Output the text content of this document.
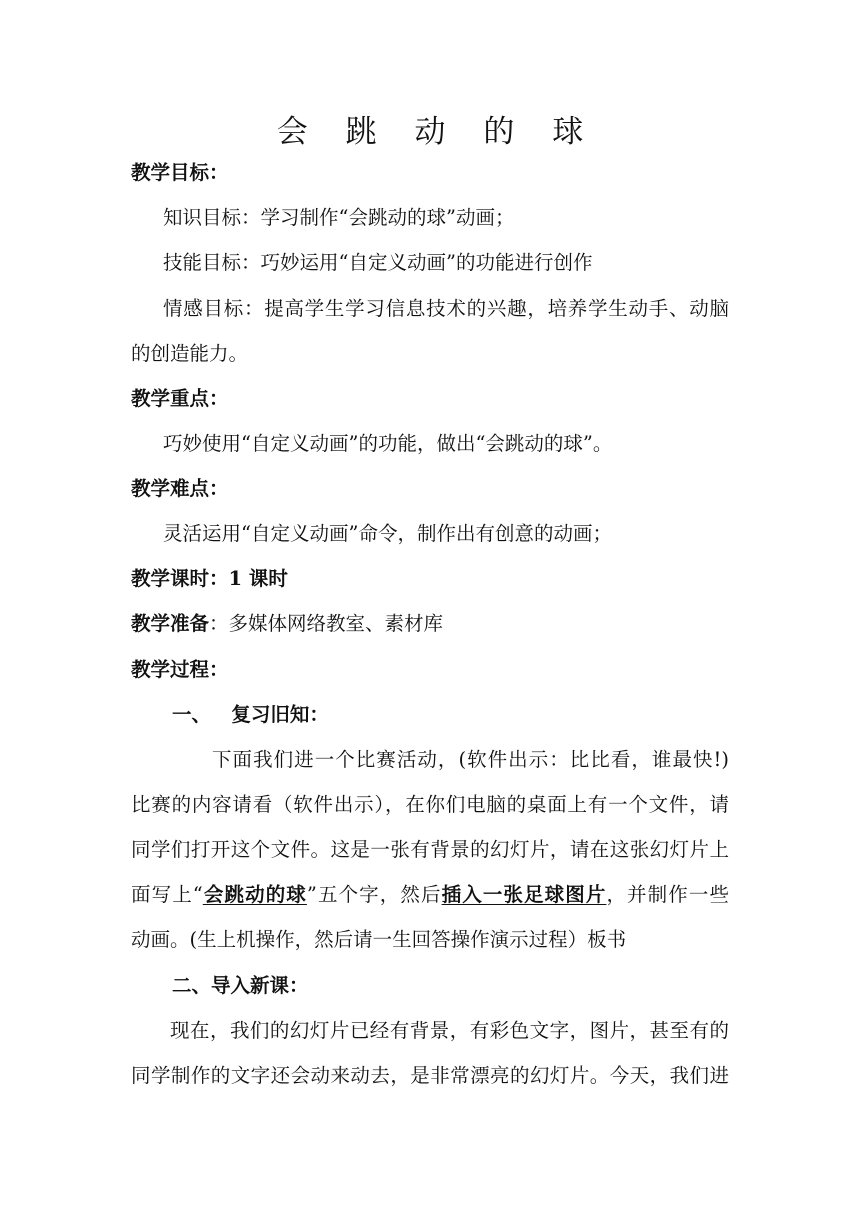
会 跳 动 的 球
教学目标：
知识目标：学习制作“会跳动的球”动画；
技能目标：巧妙运用“自定义动画”的功能进行创作
情感目标：提高学生学习信息技术的兴趣，培养学生动手、动脑
的创造能力。
教学重点：
巧妙使用“自定义动画”的功能，做出“会跳动的球”。
教学难点：
灵活运用“自定义动画”命令，制作出有创意的动画；
教学课时：1 课时
教学准备：多媒体网络教室、素材库
教学过程：
一、   复习旧知：
下面我们进一个比赛活动，(软件出示：比比看，谁最快!)
比赛的内容请看（软件出示），在你们电脑的桌面上有一个文件，请
同学们打开这个文件。这是一张有背景的幻灯片，请在这张幻灯片上
面写上“会跳动的球”五个字，然后插入一张足球图片，并制作一些
动画。(生上机操作，然后请一生回答操作演示过程）板书
二、导入新课：
现在，我们的幻灯片已经有背景，有彩色文字，图片，甚至有的
同学制作的文字还会动来动去，是非常漂亮的幻灯片。今天，我们进
